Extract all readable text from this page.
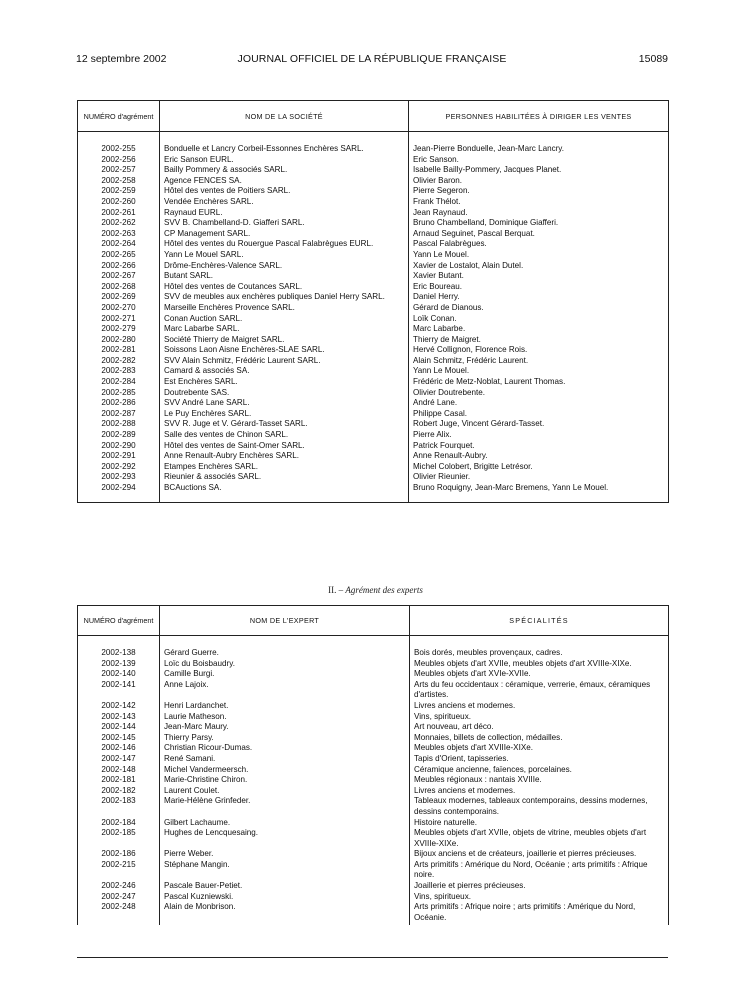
12 septembre 2002	JOURNAL OFFICIEL DE LA RÉPUBLIQUE FRANÇAISE	15089
NUMÉRO d'agrément	NOM DE LA SOCIÉTÉ	PERSONNES HABILITÉES À DIRIGER LES VENTES

2002-255	Bonduelle et Lancry Corbeil-Essonnes Enchères SARL.	Jean-Pierre Bonduelle, Jean-Marc Lancry.
2002-256	Eric Sanson EURL.	Eric Sanson.
2002-257	Bailly Pommery & associés SARL.	Isabelle Bailly-Pommery, Jacques Planet.
2002-258	Agence FENCES SA.	Olivier Baron.
2002-259	Hôtel des ventes de Poitiers SARL.	Pierre Segeron.
2002-260	Vendée Enchères SARL.	Frank Thélot.
2002-261	Raynaud EURL.	Jean Raynaud.
2002-262	SVV B. Chambelland-D. Giafferi SARL.	Bruno Chambelland, Dominique Giafferi.
2002-263	CP Management SARL.	Arnaud Seguinet, Pascal Berquat.
2002-264	Hôtel des ventes du Rouergue Pascal Falabrègues EURL.	Pascal Falabrègues.
2002-265	Yann Le Mouel SARL.	Yann Le Mouel.
2002-266	Drôme-Enchères-Valence SARL.	Xavier de Lostalot, Alain Dutel.
2002-267	Butant SARL.	Xavier Butant.
2002-268	Hôtel des ventes de Coutances SARL.	Eric Boureau.
2002-269	SVV de meubles aux enchères publiques Daniel Herry SARL.	Daniel Herry.
2002-270	Marseille Enchères Provence SARL.	Gérard de Dianous.
2002-271	Conan Auction SARL.	Loïk Conan.
2002-279	Marc Labarbe SARL.	Marc Labarbe.
2002-280	Société Thierry de Maigret SARL.	Thierry de Maigret.
2002-281	Soissons Laon Aisne Enchères-SLAE SARL.	Hervé Collignon, Florence Rois.
2002-282	SVV Alain Schmitz, Frédéric Laurent SARL.	Alain Schmitz, Frédéric Laurent.
2002-283	Camard & associés SA.	Yann Le Mouel.
2002-284	Est Enchères SARL.	Frédéric de Metz-Noblat, Laurent Thomas.
2002-285	Doutrebente SAS.	Olivier Doutrebente.
2002-286	SVV André Lane SARL.	André Lane.
2002-287	Le Puy Enchères SARL.	Philippe Casal.
2002-288	SVV R. Juge et V. Gérard-Tasset SARL.	Robert Juge, Vincent Gérard-Tasset.
2002-289	Salle des ventes de Chinon SARL.	Pierre Alix.
2002-290	Hôtel des ventes de Saint-Omer SARL.	Patrick Fourquet.
2002-291	Anne Renault-Aubry Enchères SARL.	Anne Renault-Aubry.
2002-292	Etampes Enchères SARL.	Michel Colobert, Brigitte Letrésor.
2002-293	Rieunier & associés SARL.	Olivier Rieunier.
2002-294	BCAuctions SA.	Bruno Roquigny, Jean-Marc Bremens, Yann Le Mouel.

II. – Agrément des experts
NUMÉRO d'agrément	NOM DE L'EXPERT	SPÉCIALITÉS

2002-138	Gérard Guerre.	Bois dorés, meubles provençaux, cadres.
2002-139	Loïc du Boisbaudry.	Meubles objets d'art XVIIe, meubles objets d'art XVIIIe-XIXe.
2002-140	Camille Burgi.	Meubles objets d'art XVIe-XVIIe.
2002-141	Anne Lajoix.	Arts du feu occidentaux : céramique, verrerie, émaux, céramiques d'artistes.
2002-142	Henri Lardanchet.	Livres anciens et modernes.
2002-143	Laurie Matheson.	Vins, spiritueux.
2002-144	Jean-Marc Maury.	Art nouveau, art déco.
2002-145	Thierry Parsy.	Monnaies, billets de collection, médailles.
2002-146	Christian Ricour-Dumas.	Meubles objets d'art XVIIIe-XIXe.
2002-147	René Samani.	Tapis d'Orient, tapisseries.
2002-148	Michel Vandermeersch.	Céramique ancienne, faïences, porcelaines.
2002-181	Marie-Christine Chiron.	Meubles régionaux : nantais XVIIIe.
2002-182	Laurent Coulet.	Livres anciens et modernes.
2002-183	Marie-Hélène Grinfeder.	Tableaux modernes, tableaux contemporains, dessins modernes, dessins contemporains.
2002-184	Gilbert Lachaume.	Histoire naturelle.
2002-185	Hughes de Lencquesaing.	Meubles objets d'art XVIIe, objets de vitrine, meubles objets d'art XVIIIe-XIXe.
2002-186	Pierre Weber.	Bijoux anciens et de créateurs, joaillerie et pierres précieuses.
2002-215	Stéphane Mangin.	Arts primitifs : Amérique du Nord, Océanie ; arts primitifs : Afrique noire.
2002-246	Pascale Bauer-Petiet.	Joaillerie et pierres précieuses.
2002-247	Pascal Kuzniewski.	Vins, spiritueux.
2002-248	Alain de Monbrison.	Arts primitifs : Afrique noire ; arts primitifs : Amérique du Nord, Océanie.
